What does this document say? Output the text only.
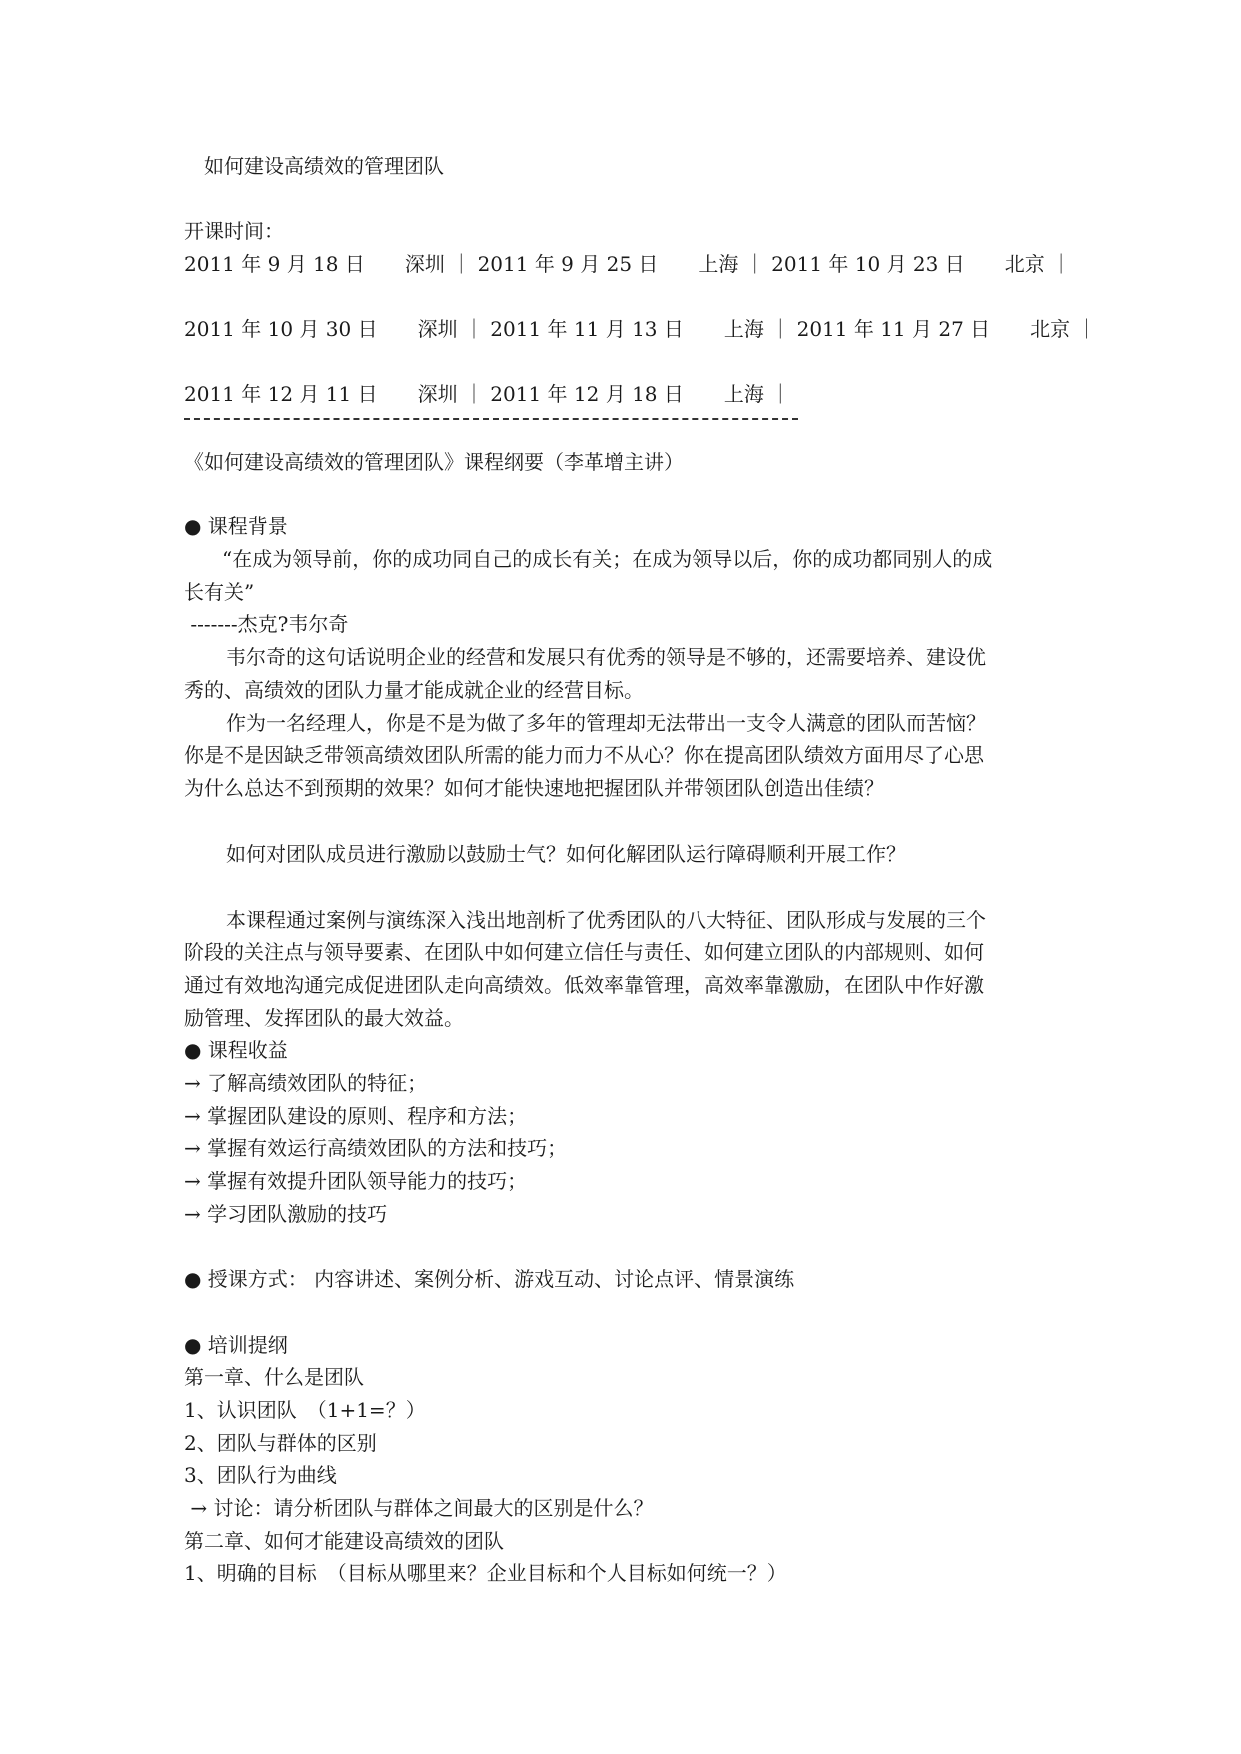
如何建设高绩效的管理团队
开课时间：
2011 年 9 月 18 日　　深圳 ｜ 2011 年 9 月 25 日　　上海 ｜ 2011 年 10 月 23 日　　北京 ｜
2011 年 10 月 30 日　　深圳 ｜ 2011 年 11 月 13 日　　上海 ｜ 2011 年 11 月 27 日　　北京 ｜
2011 年 12 月 11 日　　深圳 ｜ 2011 年 12 月 18 日　　上海 ｜
《如何建设高绩效的管理团队》课程纲要（李革增主讲）
● 课程背景
“在成为领导前，你的成功同自己的成长有关；在成为领导以后，你的成功都同别人的成
长有关”
-------杰克?韦尔奇
韦尔奇的这句话说明企业的经营和发展只有优秀的领导是不够的，还需要培养、建设优
秀的、高绩效的团队力量才能成就企业的经营目标。
作为一名经理人，你是不是为做了多年的管理却无法带出一支令人满意的团队而苦恼？
你是不是因缺乏带领高绩效团队所需的能力而力不从心？你在提高团队绩效方面用尽了心思
为什么总达不到预期的效果？如何才能快速地把握团队并带领团队创造出佳绩？
如何对团队成员进行激励以鼓励士气？如何化解团队运行障碍顺利开展工作？
本课程通过案例与演练深入浅出地剖析了优秀团队的八大特征、团队形成与发展的三个
阶段的关注点与领导要素、在团队中如何建立信任与责任、如何建立团队的内部规则、如何
通过有效地沟通完成促进团队走向高绩效。低效率靠管理，高效率靠激励，在团队中作好激
励管理、发挥团队的最大效益。
● 课程收益
→ 了解高绩效团队的特征；
→ 掌握团队建设的原则、程序和方法；
→ 掌握有效运行高绩效团队的方法和技巧；
→ 掌握有效提升团队领导能力的技巧；
→ 学习团队激励的技巧
● 授课方式： 内容讲述、案例分析、游戏互动、讨论点评、情景演练
● 培训提纲
第一章、什么是团队
1、认识团队　（1+1=？）
2、团队与群体的区别
3、团队行为曲线
→ 讨论：请分析团队与群体之间最大的区别是什么？
第二章、如何才能建设高绩效的团队
1、明确的目标　（目标从哪里来？企业目标和个人目标如何统一？）
